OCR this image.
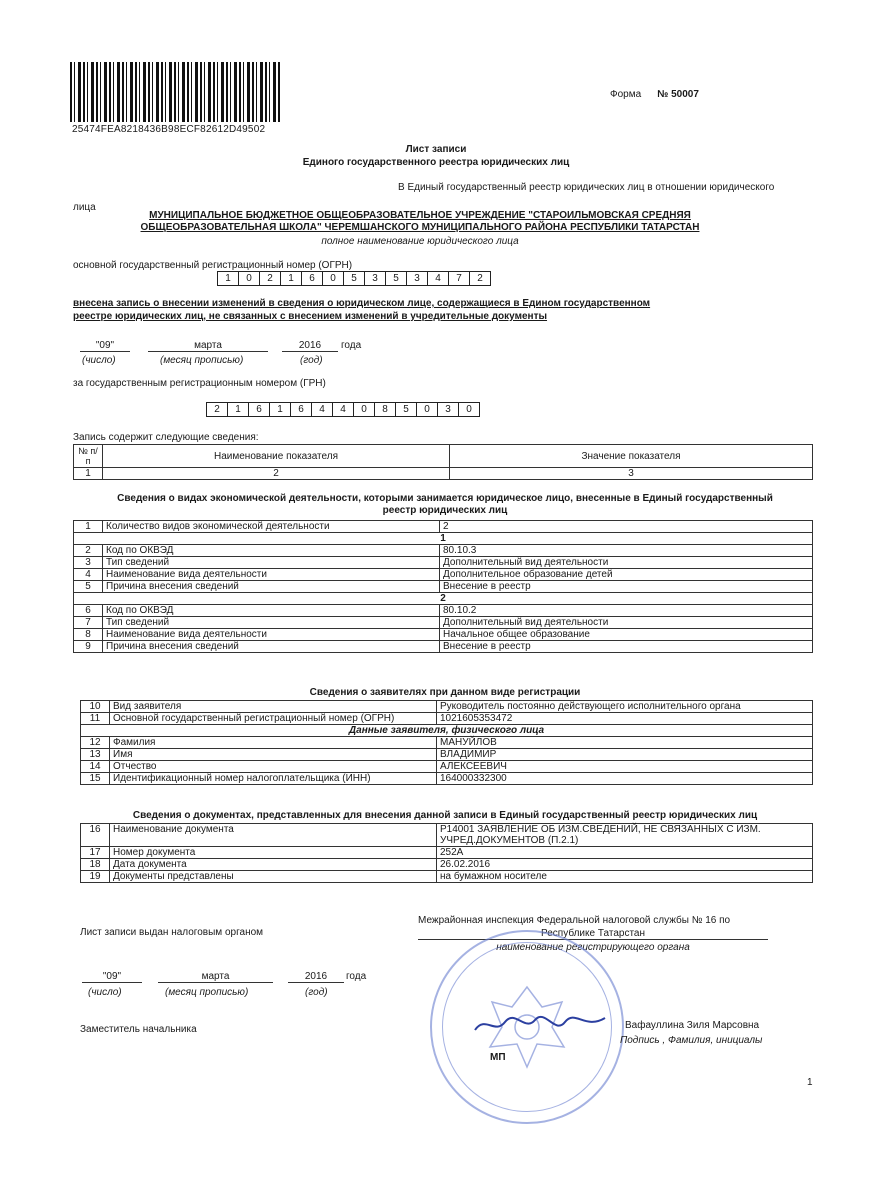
25474FEA8218436B98ECF82612D49502
Форма № 50007
Лист записи
Единого государственного реестра юридических лиц
В Единый государственный реестр юридических лиц в отношении юридического
лица
МУНИЦИПАЛЬНОЕ БЮДЖЕТНОЕ ОБЩЕОБРАЗОВАТЕЛЬНОЕ УЧРЕЖДЕНИЕ "СТАРОИЛЬМОВСКАЯ СРЕДНЯЯ
ОБЩЕОБРАЗОВАТЕЛЬНАЯ ШКОЛА" ЧЕРЕМШАНСКОГО МУНИЦИПАЛЬНОГО РАЙОНА РЕСПУБЛИКИ ТАТАРСТАН
полное наименование юридического лица
основной государственный регистрационный номер (ОГРН)
1	0	2	1	6	0	5	3	5	3	4	7	2
внесена запись о внесении изменений в сведения о юридическом лице, содержащиеся в Едином государственном
реестре юридических лиц, не связанных с внесением изменений в учредительные документы
"09"	марта	2016	года
(число)	(месяц прописью)	(год)
за государственным регистрационным номером (ГРН)
2	1	6	1	6	4	4	0	8	5	0	3	0
Запись содержит следующие сведения:
№ п/п	Наименование показателя	Значение показателя
1	2	3
Сведения о видах экономической деятельности, которыми занимается юридическое лицо, внесенные в Единый государственный
реестр юридических лиц
1	Количество видов экономической деятельности	2
1		
2	Код по ОКВЭД	80.10.3
3	Тип сведений	Дополнительный вид деятельности
4	Наименование вида деятельности	Дополнительное образование детей
5	Причина внесения сведений	Внесение в реестр
2		
6	Код по ОКВЭД	80.10.2
7	Тип сведений	Дополнительный вид деятельности
8	Наименование вида деятельности	Начальное общее образование
9	Причина внесения сведений	Внесение в реестр
Сведения о заявителях при данном виде регистрации
10	Вид заявителя	Руководитель постоянно действующего исполнительного органа
11	Основной государственный регистрационный номер (ОГРН)	1021605353472
Данные заявителя, физического лица		
12	Фамилия	МАНУЙЛОВ
13	Имя	ВЛАДИМИР
14	Отчество	АЛЕКСЕЕВИЧ
15	Идентификационный номер налогоплательщика (ИНН)	164000332300
Сведения о документах, представленных для внесения данной записи в Единый государственный реестр юридических лиц
16	Наименование документа	Р14001 ЗАЯВЛЕНИЕ ОБ ИЗМ.СВЕДЕНИЙ, НЕ СВЯЗАННЫХ С ИЗМ. УЧРЕД.ДОКУМЕНТОВ (П.2.1)
17	Номер документа	252А
18	Дата документа	26.02.2016
19	Документы представлены	на бумажном носителе
Лист записи выдан налоговым органом
Межрайонная инспекция Федеральной налоговой службы № 16 по
Республике Татарстан
наименование регистрирующего органа
"09"	марта	2016	года
(число)	(месяц прописью)	(год)
Заместитель начальника
МП
Вафауллина Зиля Марсовна
Подпись , Фамилия, инициалы
1
